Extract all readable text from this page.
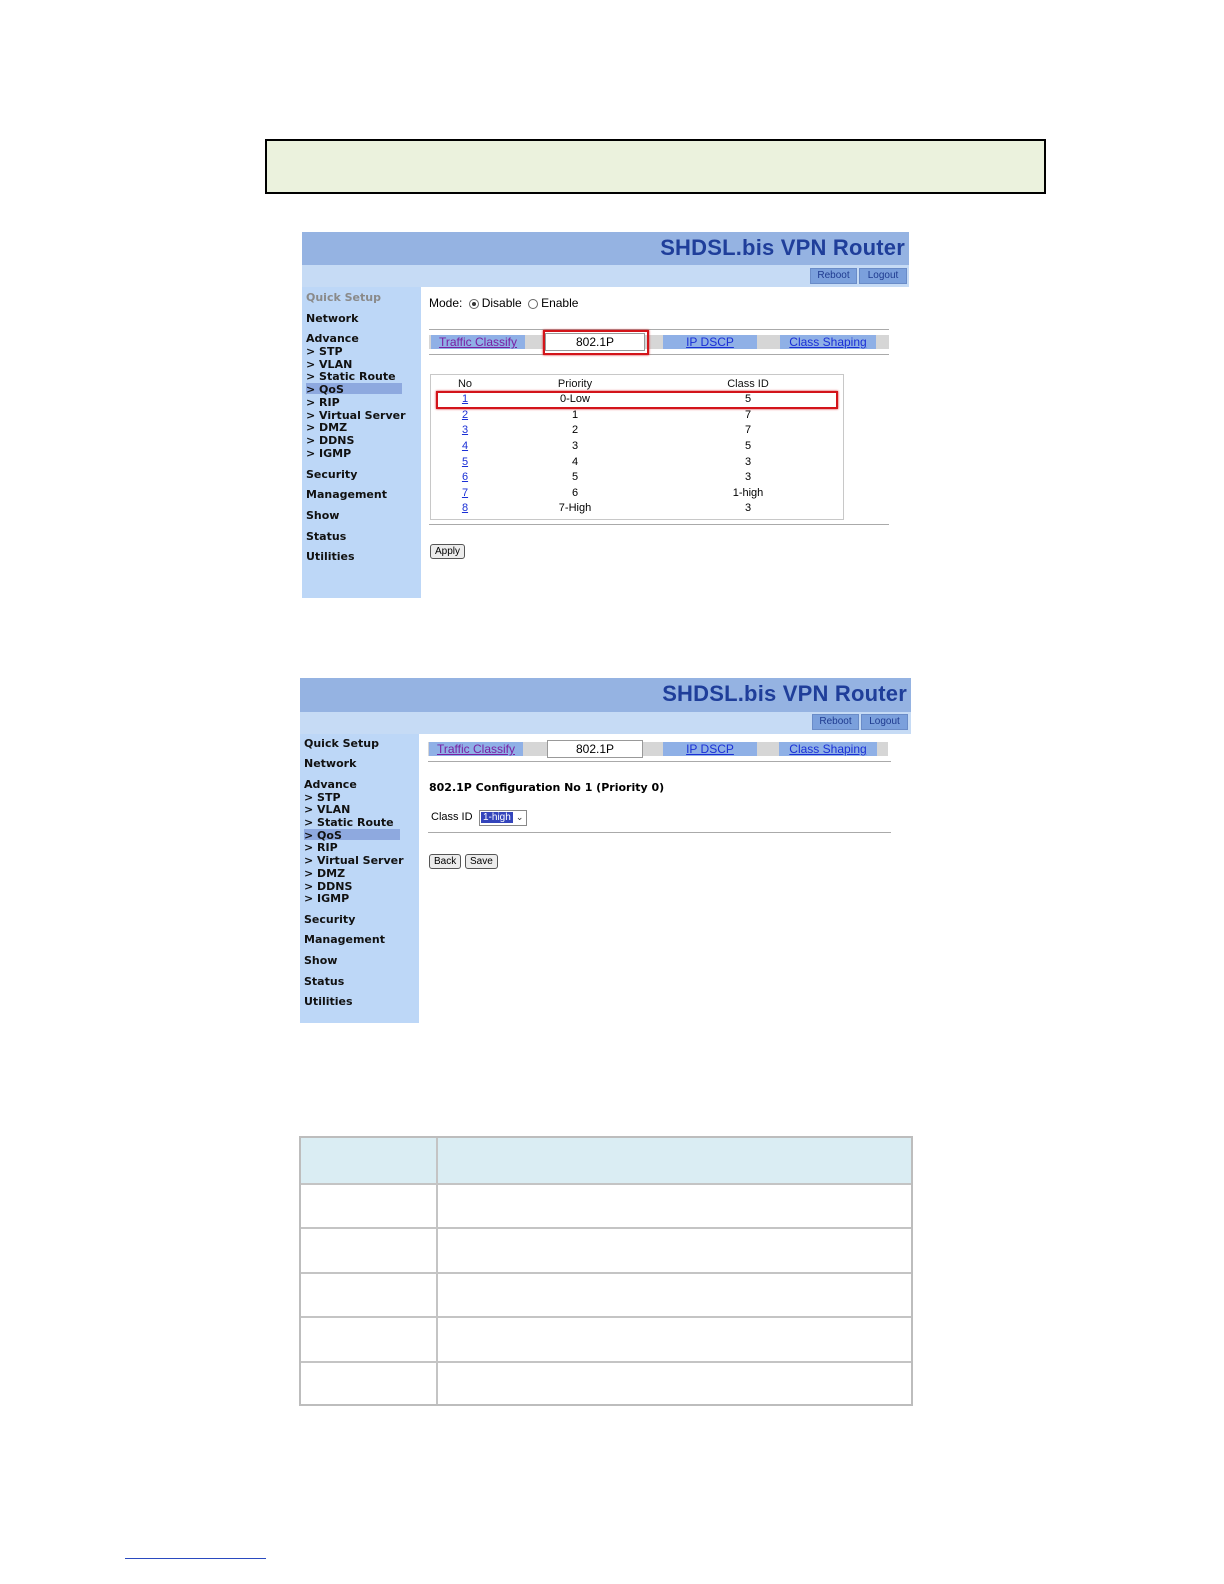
SHDSL.bis VPN Router
Reboot	Logout
Quick Setup
Network
Advance
> STP
> VLAN
> Static Route
> QoS
> RIP
> Virtual Server
> DMZ
> DDNS
> IGMP
Security
Management
Show
Status
Utilities
Mode: Disable Enable
Traffic Classify	802.1P	IP DSCP	Class Shaping
No	Priority	Class ID
1	0-Low	5
2	1	7
3	2	7
4	3	5
5	4	3
6	5	3
7	6	1-high
8	7-High	3
Apply
SHDSL.bis VPN Router
Reboot	Logout
Quick Setup
Network
Advance
> STP
> VLAN
> Static Route
> QoS
> RIP
> Virtual Server
> DMZ
> DDNS
> IGMP
Security
Management
Show
Status
Utilities
Traffic Classify	802.1P	IP DSCP	Class Shaping
802.1P Configuration No 1 (Priority 0)
Class ID	1-high ⌄
Back	Save
